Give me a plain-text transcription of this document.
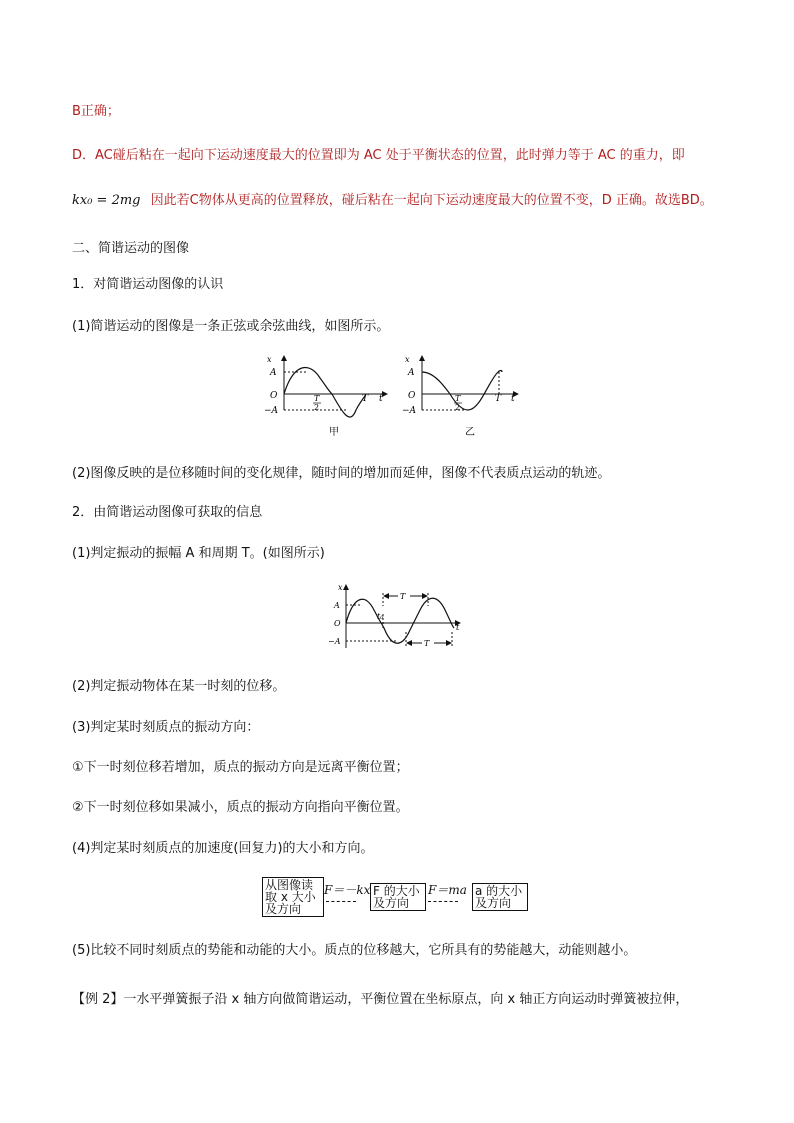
B正确；
D．AC碰后粘在一起向下运动速度最大的位置即为 AC 处于平衡状态的位置，此时弹力等于 AC 的重力，即
kx₀ = 2mg 因此若C物体从更高的位置释放，碰后粘在一起向下运动速度最大的位置不变，D 正确。故选BD。
二、简谐运动的图像
1．对简谐运动图像的认识
(1)简谐运动的图像是一条正弦或余弦曲线，如图所示。
x
A
O
−A
T t
T
2
甲
x
A
O
−A
T t
T
2
乙
(2)图像反映的是位移随时间的变化规律，随时间的增加而延伸，图像不代表质点运动的轨迹。
2．由简谐运动图像可获取的信息
(1)判定振动的振幅 A 和周期 T。(如图所示)
T
T
x
A
O
−A
t₀
t
(2)判定振动物体在某一时刻的位移。
(3)判定某时刻质点的振动方向：
①下一时刻位移若增加，质点的振动方向是远离平衡位置；
②下一时刻位移如果减小，质点的振动方向指向平衡位置。
(4)判定某时刻质点的加速度(回复力)的大小和方向。
从图像读
取 x 大小
及方向
F＝－kx F 的大小
及方向
F＝ma a 的大小
及方向
(5)比较不同时刻质点的势能和动能的大小。质点的位移越大，它所具有的势能越大，动能则越小。
【例 2】一水平弹簧振子沿 x 轴方向做简谐运动，平衡位置在坐标原点，向 x 轴正方向运动时弹簧被拉伸，
